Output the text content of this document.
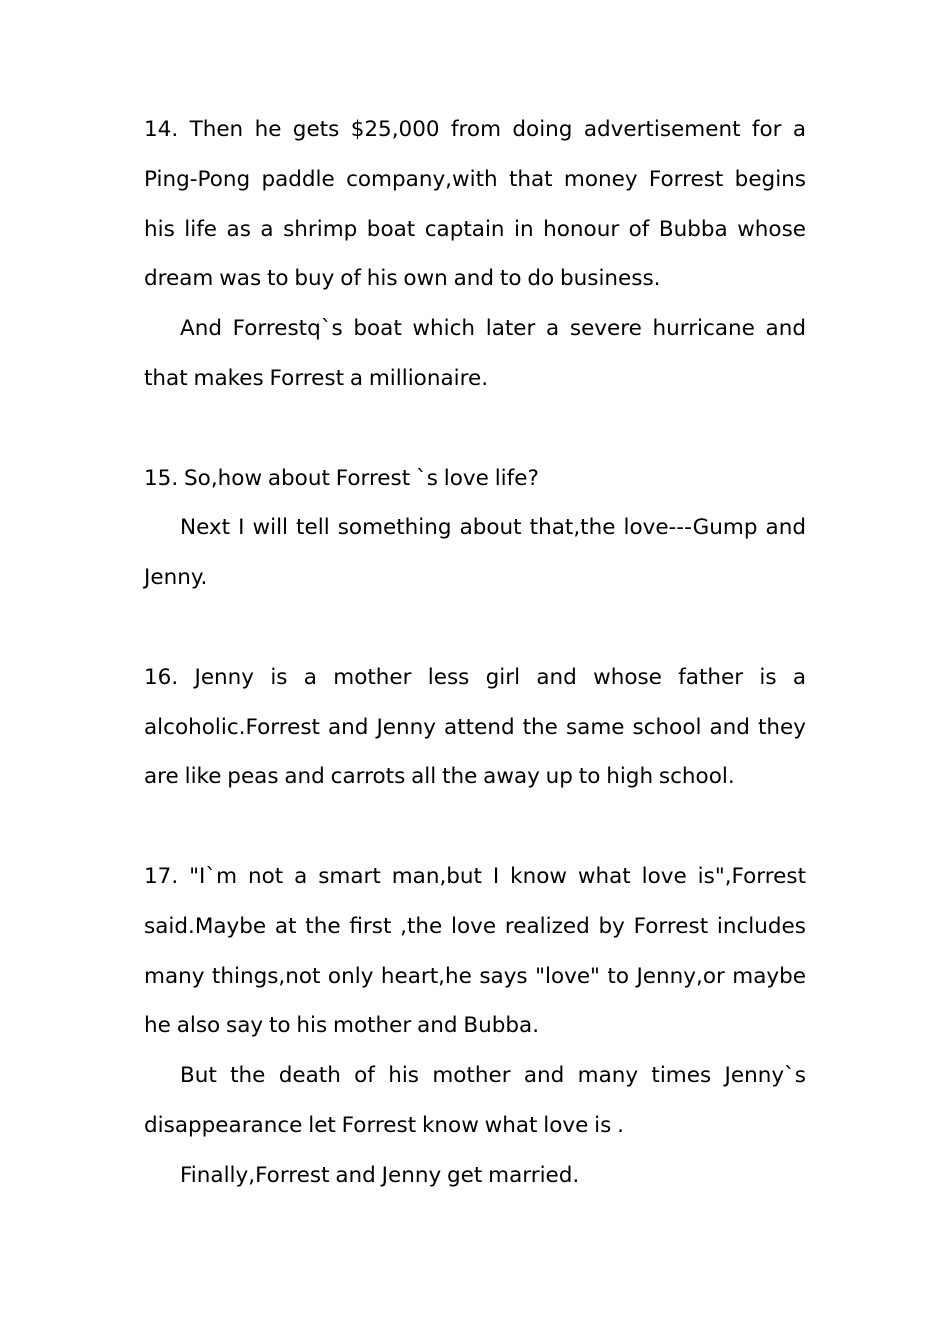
14. Then he gets $25,000 from doing advertisement for a Ping-Pong paddle company,with that money Forrest begins his life as a shrimp boat captain in honour of Bubba whose dream was to buy of his own and to do business.

And Forrestq`s boat which later a severe hurricane and that makes Forrest a millionaire.

15. So,how about Forrest `s love life?

Next I will tell something about that,the love---Gump and Jenny.

16. Jenny is a mother less girl and whose father is a alcoholic.Forrest and Jenny attend the same school and they are like peas and carrots all the away up to high school.

17. "I`m not a smart man,but I know what love is",Forrest said.Maybe at the first ,the love realized by Forrest includes many things,not only heart,he says "love" to Jenny,or maybe he also say to his mother and Bubba.

But the death of his mother and many times Jenny`s disappearance let Forrest know what love is .

Finally,Forrest and Jenny get married.
